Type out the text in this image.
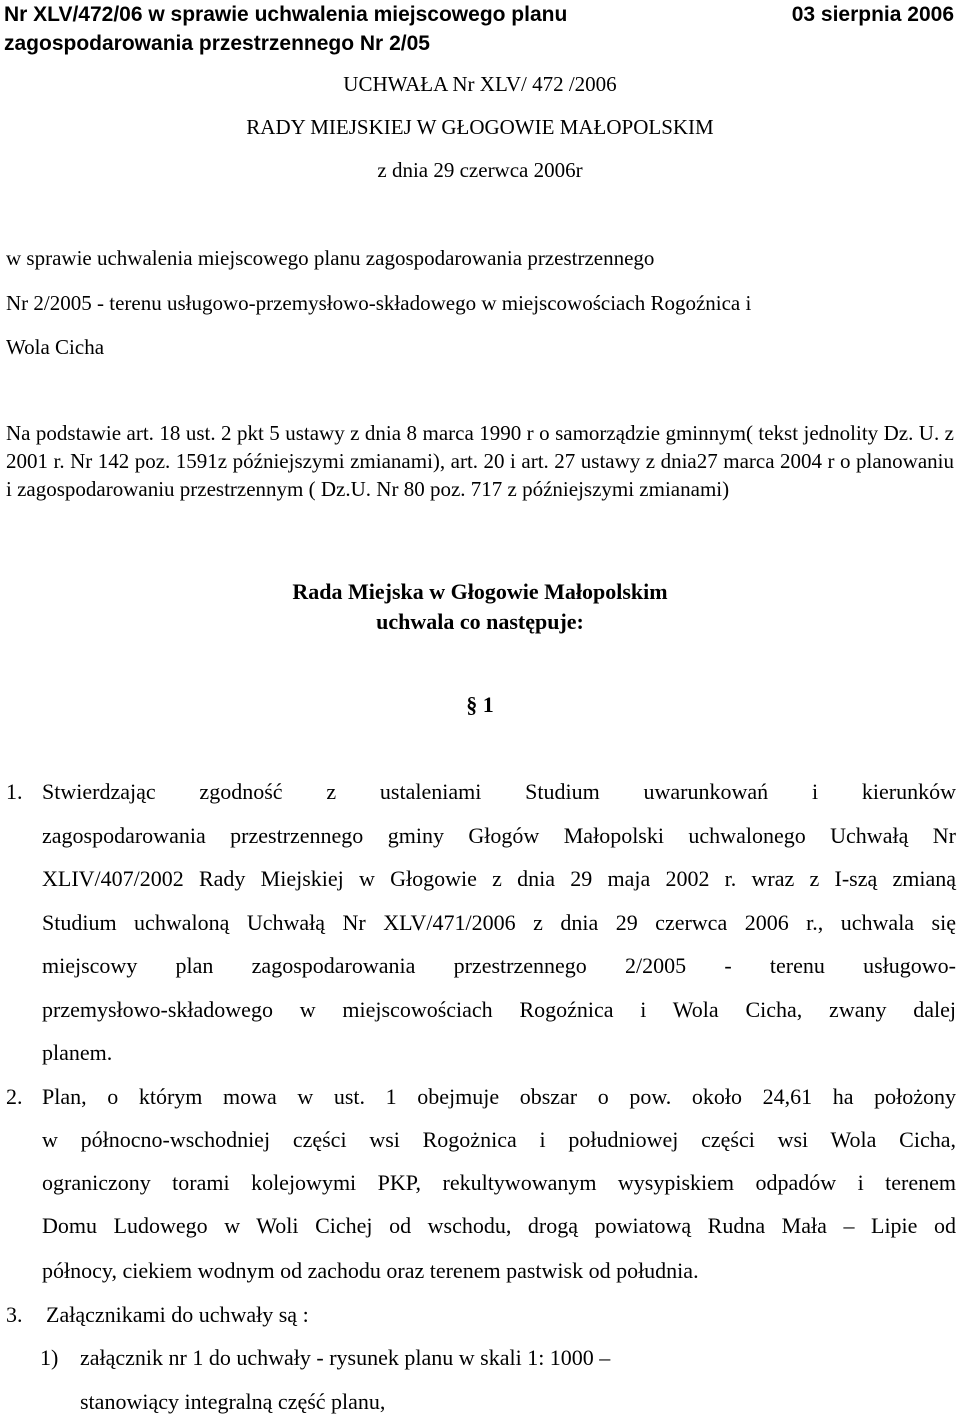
Nr XLV/472/06 w sprawie uchwalenia miejscowego planu
zagospodarowania przestrzennego Nr 2/05
03 sierpnia 2006
UCHWAŁA Nr XLV/ 472 /2006
RADY MIEJSKIEJ W GŁOGOWIE MAŁOPOLSKIM
z dnia 29 czerwca 2006r
w sprawie uchwalenia miejscowego planu zagospodarowania przestrzennego
Nr 2/2005 - terenu usługowo-przemysłowo-składowego w miejscowościach Rogoźnica i
Wola Cicha
Na podstawie art. 18 ust. 2 pkt 5 ustawy z dnia 8 marca 1990 r o samorządzie gminnym( tekst jednolity Dz. U. z 2001 r. Nr 142 poz. 1591z późniejszymi zmianami), art. 20 i art. 27 ustawy z dnia27 marca 2004 r o planowaniu i zagospodarowaniu przestrzennym ( Dz.U. Nr 80 poz. 717 z późniejszymi zmianami)
Rada Miejska w Głogowie Małopolskim
uchwala co następuje:
§ 1
1. Stwierdzając zgodność z ustaleniami Studium uwarunkowań i kierunków
zagospodarowania przestrzennego gminy Głogów Małopolski uchwalonego Uchwałą Nr
XLIV/407/2002 Rady Miejskiej w Głogowie z dnia 29 maja 2002 r. wraz z I-szą zmianą
Studium uchwaloną Uchwałą Nr XLV/471/2006 z dnia 29 czerwca 2006 r., uchwala się
miejscowy plan zagospodarowania przestrzennego 2/2005 - terenu usługowo-
przemysłowo-składowego w miejscowościach Rogoźnica i Wola Cicha, zwany dalej
planem.
2. Plan, o którym mowa w ust. 1 obejmuje obszar o pow. około 24,61 ha położony
w północno-wschodniej części wsi Rogożnica i południowej części wsi Wola Cicha,
ograniczony torami kolejowymi PKP, rekultywowanym wysypiskiem odpadów i terenem
Domu Ludowego w Woli Cichej od wschodu, drogą powiatową Rudna Mała – Lipie od
północy, ciekiem wodnym od zachodu oraz terenem pastwisk od południa.
3. Załącznikami do uchwały są :
1) załącznik nr 1 do uchwały - rysunek planu w skali 1: 1000 –
stanowiący integralną część planu,
